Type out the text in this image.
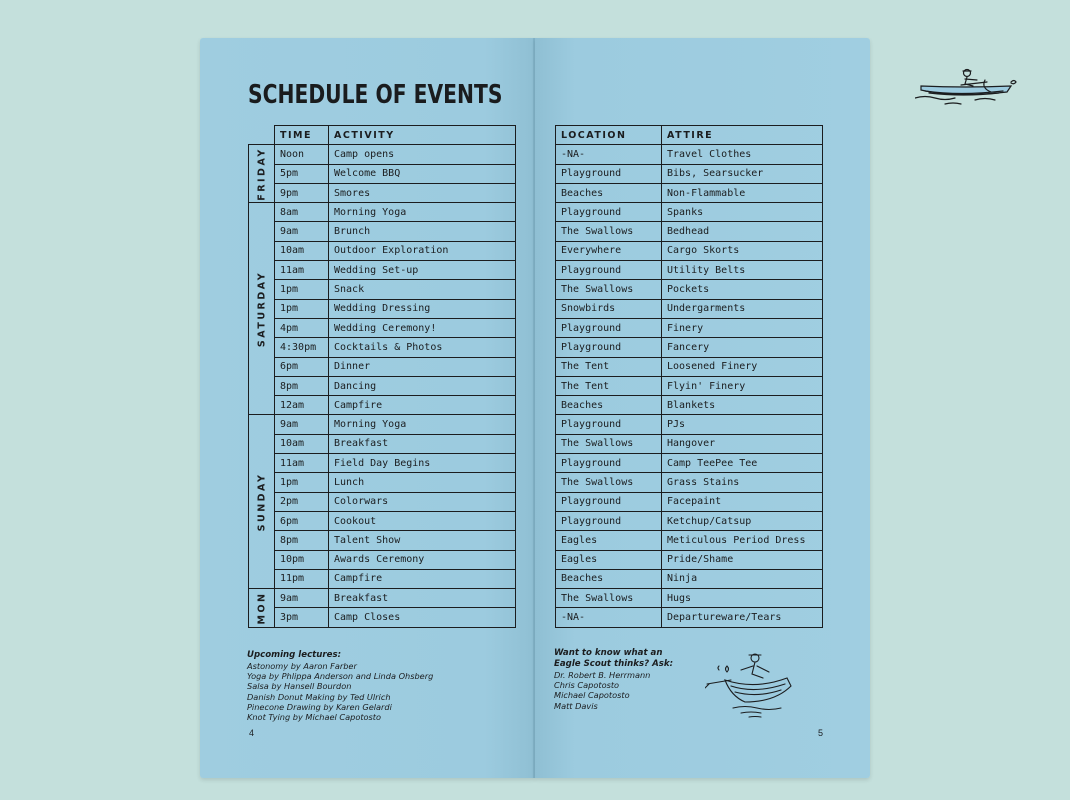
SCHEDULE OF EVENTS
	TIME	ACTIVITY

FRIDAY	Noon	Camp opens
	5pm	Welcome BBQ
	9pm	Smores

SATURDAY	8am	Morning Yoga
	9am	Brunch
	10am	Outdoor Exploration
	11am	Wedding Set-up
	1pm	Snack
	1pm	Wedding Dressing
	4pm	Wedding Ceremony!
	4:30pm	Cocktails & Photos
	6pm	Dinner
	8pm	Dancing
	12am	Campfire

SUNDAY	9am	Morning Yoga
	10am	Breakfast
	11am	Field Day Begins
	1pm	Lunch
	2pm	Colorwars
	6pm	Cookout
	8pm	Talent Show
	10pm	Awards Ceremony
	11pm	Campfire

MON	9am	Breakfast
	3pm	Camp Closes
Upcoming lectures:
Astonomy by Aaron Farber
Yoga by Phlippa Anderson and Linda Ohsberg
Salsa by Hansell Bourdon
Danish Donut Making by Ted Ulrich
Pinecone Drawing by Karen Gelardi
Knot Tying by Michael Capotosto
4
LOCATION	ATTIRE
-NA-	Travel Clothes
Playground	Bibs, Searsucker
Beaches	Non-Flammable
Playground	Spanks
The Swallows	Bedhead
Everywhere	Cargo Skorts
Playground	Utility Belts
The Swallows	Pockets
Snowbirds	Undergarments
Playground	Finery
Playground	Fancery
The Tent	Loosened Finery
The Tent	Flyin' Finery
Beaches	Blankets
Playground	PJs
The Swallows	Hangover
Playground	Camp TeePee Tee
The Swallows	Grass Stains
Playground	Facepaint
Playground	Ketchup/Catsup
Eagles	Meticulous Period Dress
Eagles	Pride/Shame
Beaches	Ninja
The Swallows	Hugs
-NA-	Departureware/Tears
Want to know what an
Eagle Scout thinks? Ask:
Dr. Robert B. Herrmann
Chris Capotosto
Michael Capotosto
Matt Davis
5
